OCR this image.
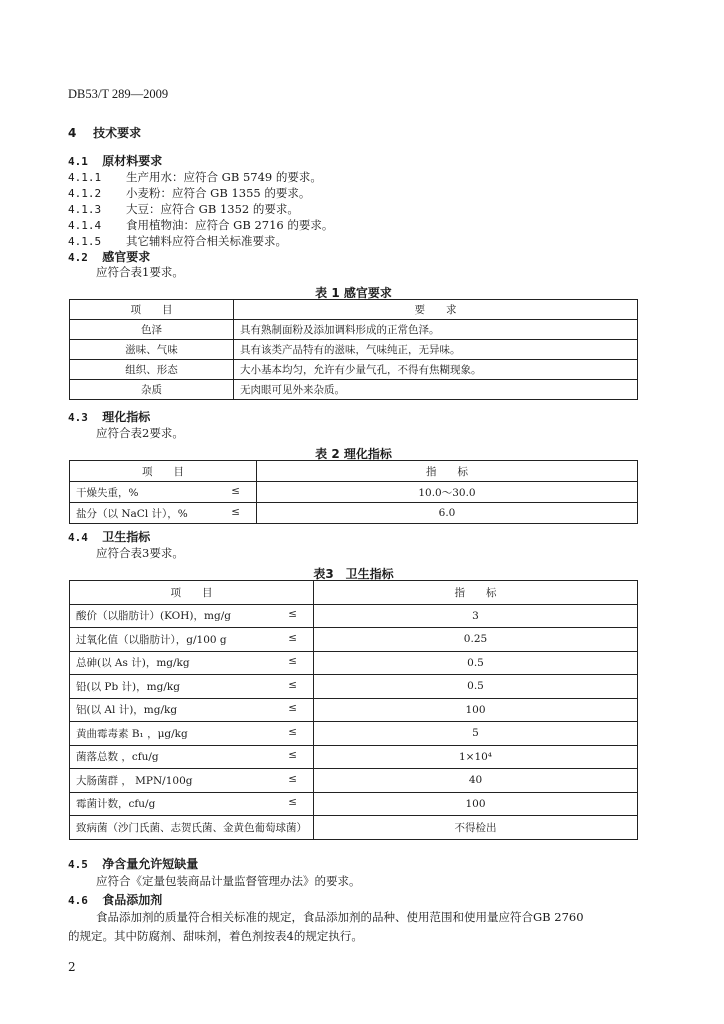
DB53/T 289—2009
4 技术要求
4.1 原材料要求
4.1.1 生产用水：应符合 GB 5749 的要求。
4.1.2 小麦粉：应符合 GB 1355 的要求。
4.1.3 大豆：应符合 GB 1352 的要求。
4.1.4 食用植物油：应符合 GB 2716 的要求。
4.1.5 其它辅料应符合相关标准要求。
4.2 感官要求
应符合表1要求。
表 1 感官要求
项　　目	要　　求
色泽	具有熟制面粉及添加调料形成的正常色泽。
滋味、气味	具有该类产品特有的滋味，气味纯正，无异味。
组织、形态	大小基本均匀，允许有少量气孔，不得有焦糊现象。
杂质	无肉眼可见外来杂质。
4.3 理化指标
应符合表2要求。
表 2 理化指标
项　　目	指　　标
干燥失重，% ≤	10.0～30.0
盐分（以 NaCl 计），% ≤	6.0
4.4 卫生指标
应符合表3要求。
表3　卫生指标
项　　目	指　　标
酸价（以脂肪计）(KOH)，mg/g ≤	3
过氧化值（以脂肪计），g/100 g ≤	0.25
总砷(以 As 计)，mg/kg ≤	0.5
铅(以 Pb 计)，mg/kg ≤	0.5
铝(以 Al 计)，mg/kg ≤	100
黄曲霉毒素 B₁ ，μg/kg ≤	5
菌落总数 ，cfu/g ≤	1×10⁴
大肠菌群 ， MPN/100g ≤	40
霉菌计数，cfu/g ≤	100
致病菌（沙门氏菌、志贺氏菌、金黄色葡萄球菌）	不得检出
4.5 净含量允许短缺量
应符合《定量包装商品计量监督管理办法》的要求。
4.6 食品添加剂
食品添加剂的质量符合相关标准的规定，食品添加剂的品种、使用范围和使用量应符合GB 2760
的规定。其中防腐剂、甜味剂，着色剂按表4的规定执行。
2
